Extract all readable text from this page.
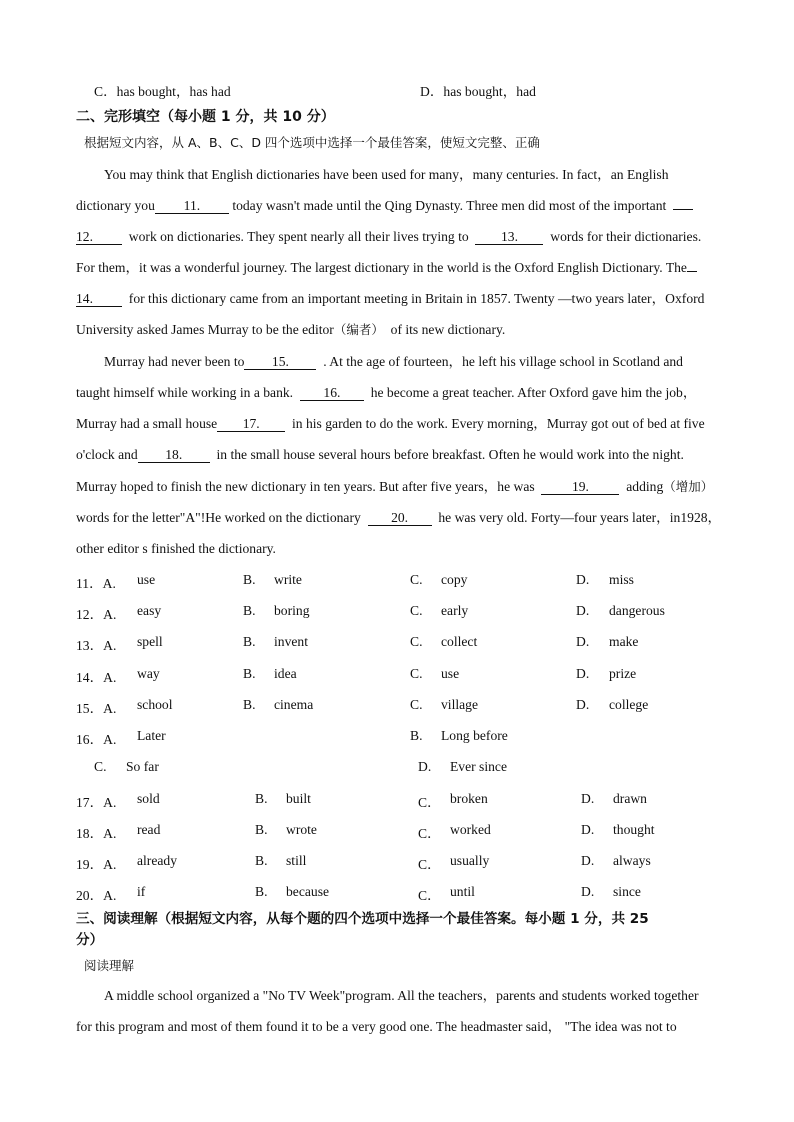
C．has bought，has had	D．has bought，had
二、完形填空（每小题 1 分，共 10 分）
根据短文内容，从 A、B、C、D 四个选项中选择一个最佳答案，使短文完整、正确
You may think that English dictionaries have been used for many，many centuries. In fact，an English
dictionary you 11. today wasn't made until the Qing Dynasty. Three men did most of the important
12.	work on dictionaries. They spent nearly all their lives trying to 13. words for their dictionaries.
For them，it was a wonderful journey. The largest dictionary in the world is the Oxford English Dictionary. The
14.	for this dictionary came from an important meeting in Britain in 1857. Twenty —two years later，Oxford
University asked James Murray to be the editor（编者） of its new dictionary.
Murray had never been to 15.	. At the age of fourteen，he left his village school in Scotland and
taught himself while working in a bank. 16. he become a great teacher. After Oxford gave him the job，
Murray had a small house 17. in his garden to do the work. Every morning，Murray got out of bed at five
o'clock and 18.	in the small house several hours before breakfast. Often he would work into the night.
Murray hoped to finish the new dictionary in ten years. But after five years，he was	19.	adding（增加）
words for the letter"A"!He worked on the dictionary 20. he was very old. Forty—four years later，in1928，
other editor s finished the dictionary.
11．A. use	B. write	C. copy	D. miss
12．A. easy	B. boring	C. early	D. dangerous
13．A. spell	B. invent	C. collect	D. make
14．A. way	B. idea	C. use	D. prize
15．A. school	B. cinema	C. village	D. college
16．A. Later	B. Long before
C. So far	D. Ever since
17．A. sold	B. built	C． broken	D. drawn
18．A. read	B. wrote	C． worked	D. thought
19．A. already	B. still	C． usually	D. always
20．A. if	B. because	C． until	D. since
三、阅读理解（根据短文内容，从每个题的四个选项中选择一个最佳答案。每小题 1 分，共 25
分）
阅读理解
A middle school organized a "No TV Week"program. All the teachers，parents and students worked together
for this program and most of them found it to be a very good one. The headmaster said， "The idea was not to
